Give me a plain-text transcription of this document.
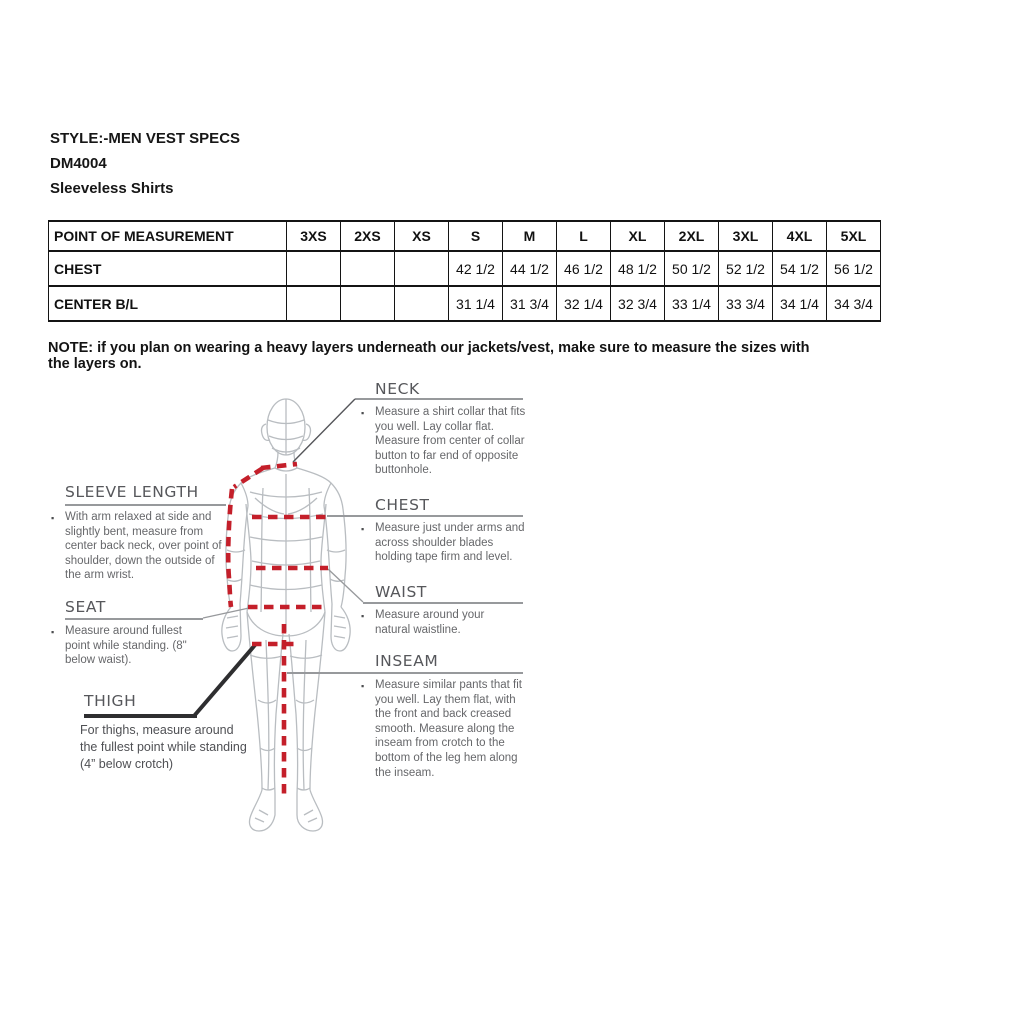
STYLE:-MEN VEST SPECS
DM4004
Sleeveless Shirts
POINT OF MEASUREMENT	3XS	2XS	XS	S	M	L	XL	2XL	3XL	4XL	5XL
CHEST				42 1/2	44 1/2	46 1/2	48 1/2	50 1/2	52 1/2	54 1/2	56 1/2
CENTER B/L				31 1/4	31 3/4	32 1/4	32 3/4	33 1/4	33 3/4	34 1/4	34 3/4
NOTE: if you plan on wearing a heavy layers underneath our jackets/vest, make sure to measure the sizes with the layers on.
SLEEVE LENGTH
▪ With arm relaxed at side and slightly bent, measure from center back neck, over point of shoulder, down the outside of the arm wrist.
SEAT
▪ Measure around fullest point while standing. (8" below waist).
THIGH
For thighs, measure around the fullest point while standing (4” below crotch)
NECK
▪ Measure a shirt collar that fits you well. Lay collar flat. Measure from center of collar button to far end of opposite buttonhole.
CHEST
▪ Measure just under arms and across shoulder blades holding tape firm and level.
WAIST
▪ Measure around your natural waistline.
INSEAM
▪ Measure similar pants that fit you well. Lay them flat, with the front and back creased smooth. Measure along the inseam from crotch to the bottom of the leg hem along the inseam.
